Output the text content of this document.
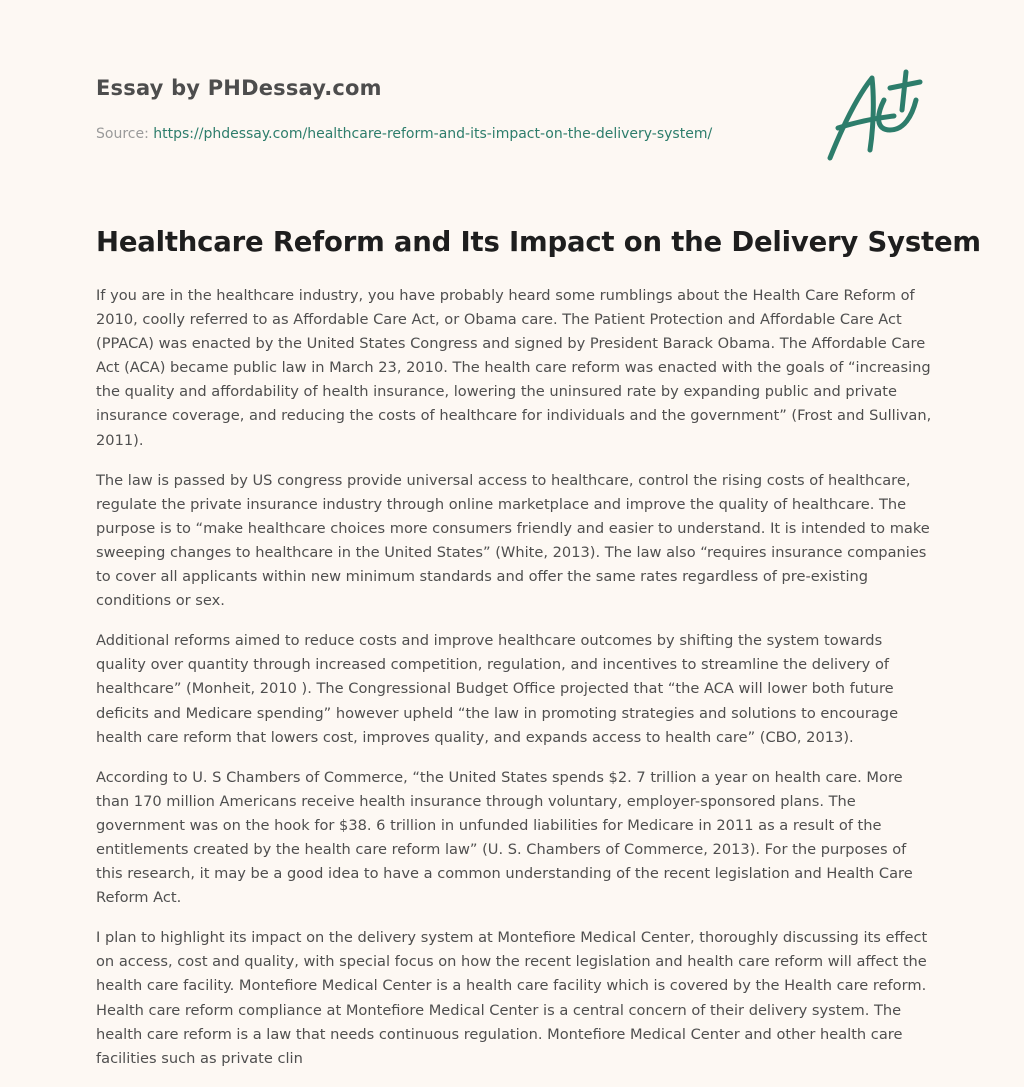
Essay by PHDessay.com
Source: https://phdessay.com/healthcare-reform-and-its-impact-on-the-delivery-system/
Healthcare Reform and Its Impact on the Delivery System

If you are in the healthcare industry, you have probably heard some rumblings about the Health Care Reform of 2010, coolly referred to as Affordable Care Act, or Obama care. The Patient Protection and Affordable Care Act (PPACA) was enacted by the United States Congress and signed by President Barack Obama. The Affordable Care Act (ACA) became public law in March 23, 2010. The health care reform was enacted with the goals of “increasing the quality and affordability of health insurance, lowering the uninsured rate by expanding public and private insurance coverage, and reducing the costs of healthcare for individuals and the government” (Frost and Sullivan, 2011).

The law is passed by US congress provide universal access to healthcare, control the rising costs of healthcare, regulate the private insurance industry through online marketplace and improve the quality of healthcare. The purpose is to “make healthcare choices more consumers friendly and easier to understand. It is intended to make sweeping changes to healthcare in the United States” (White, 2013). The law also “requires insurance companies to cover all applicants within new minimum standards and offer the same rates regardless of pre-existing conditions or sex.

Additional reforms aimed to reduce costs and improve healthcare outcomes by shifting the system towards quality over quantity through increased competition, regulation, and incentives to streamline the delivery of healthcare” (Monheit, 2010 ). The Congressional Budget Office projected that “the ACA will lower both future deficits and Medicare spending” however upheld “the law in promoting strategies and solutions to encourage health care reform that lowers cost, improves quality, and expands access to health care” (CBO, 2013).

According to U. S Chambers of Commerce, “the United States spends $2. 7 trillion a year on health care. More than 170 million Americans receive health insurance through voluntary, employer-sponsored plans. The government was on the hook for $38. 6 trillion in unfunded liabilities for Medicare in 2011 as a result of the entitlements created by the health care reform law” (U. S. Chambers of Commerce, 2013). For the purposes of this research, it may be a good idea to have a common understanding of the recent legislation and Health Care Reform Act.

I plan to highlight its impact on the delivery system at Montefiore Medical Center, thoroughly discussing its effect on access, cost and quality, with special focus on how the recent legislation and health care reform will affect the health care facility. Montefiore Medical Center is a health care facility which is covered by the Health care reform. Health care reform compliance at Montefiore Medical Center is a central concern of their delivery system. The health care reform is a law that needs continuous regulation. Montefiore Medical Center and other health care facilities such as private clin
